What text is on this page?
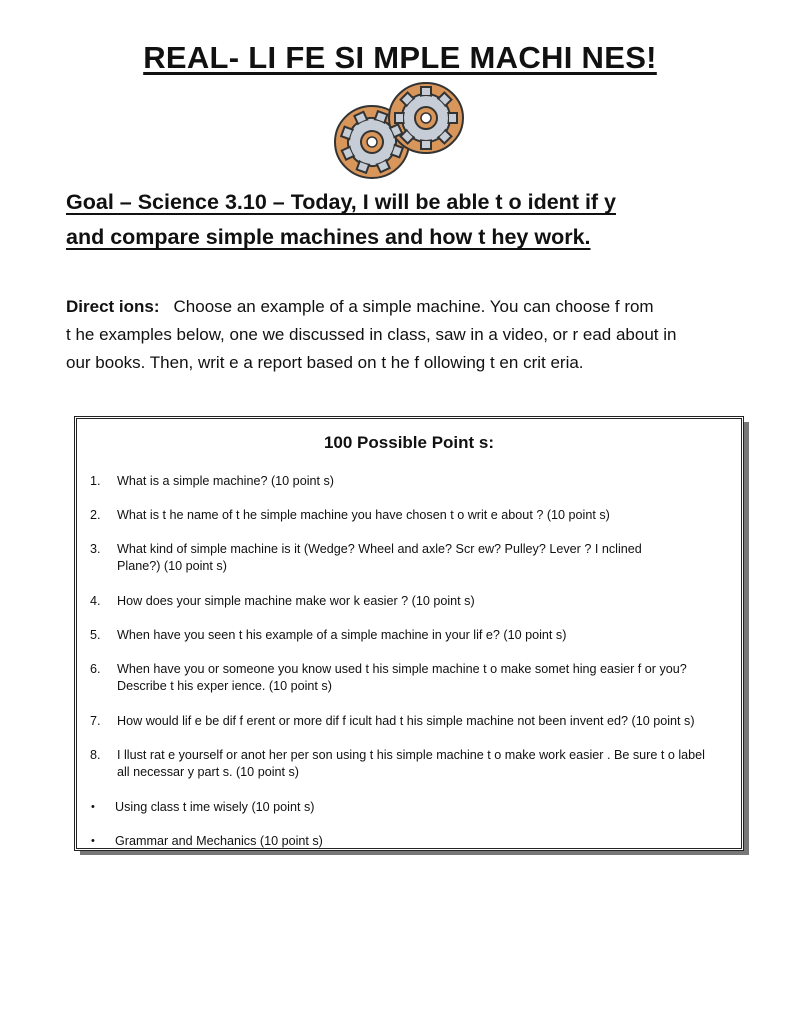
REAL- LI FE SI MPLE MACHI NES!
Goal – Science 3.10 – Today, I will be able t o ident if y
and compare simple machines and how t hey work.
Direct ions: Choose an example of a simple machine. You can choose f rom
t he examples below, one we discussed in class, saw in a video, or r ead about in
our books. Then, writ e a report based on t he f ollowing t en crit eria.
100 Possible Point s:
1. What is a simple machine? (10 point s)
2. What is t he name of t he simple machine you have chosen t o writ e about ? (10 point s)
3. What kind of simple machine is it (Wedge? Wheel and axle? Scr ew? Pulley? Lever ? I nclined
Plane?) (10 point s)
4. How does your simple machine make wor k easier ? (10 point s)
5. When have you seen t his example of a simple machine in your lif e? (10 point s)
6. When have you or someone you know used t his simple machine t o make somet hing easier f or you?
Describe t his exper ience. (10 point s)
7. How would lif e be dif f erent or more dif f icult had t his simple machine not been invent ed? (10 point s)
8. I llust rat e yourself or anot her per son using t his simple machine t o make work easier . Be sure t o label
all necessar y part s. (10 point s)
• Using class t ime wisely (10 point s)
• Grammar and Mechanics (10 point s)
